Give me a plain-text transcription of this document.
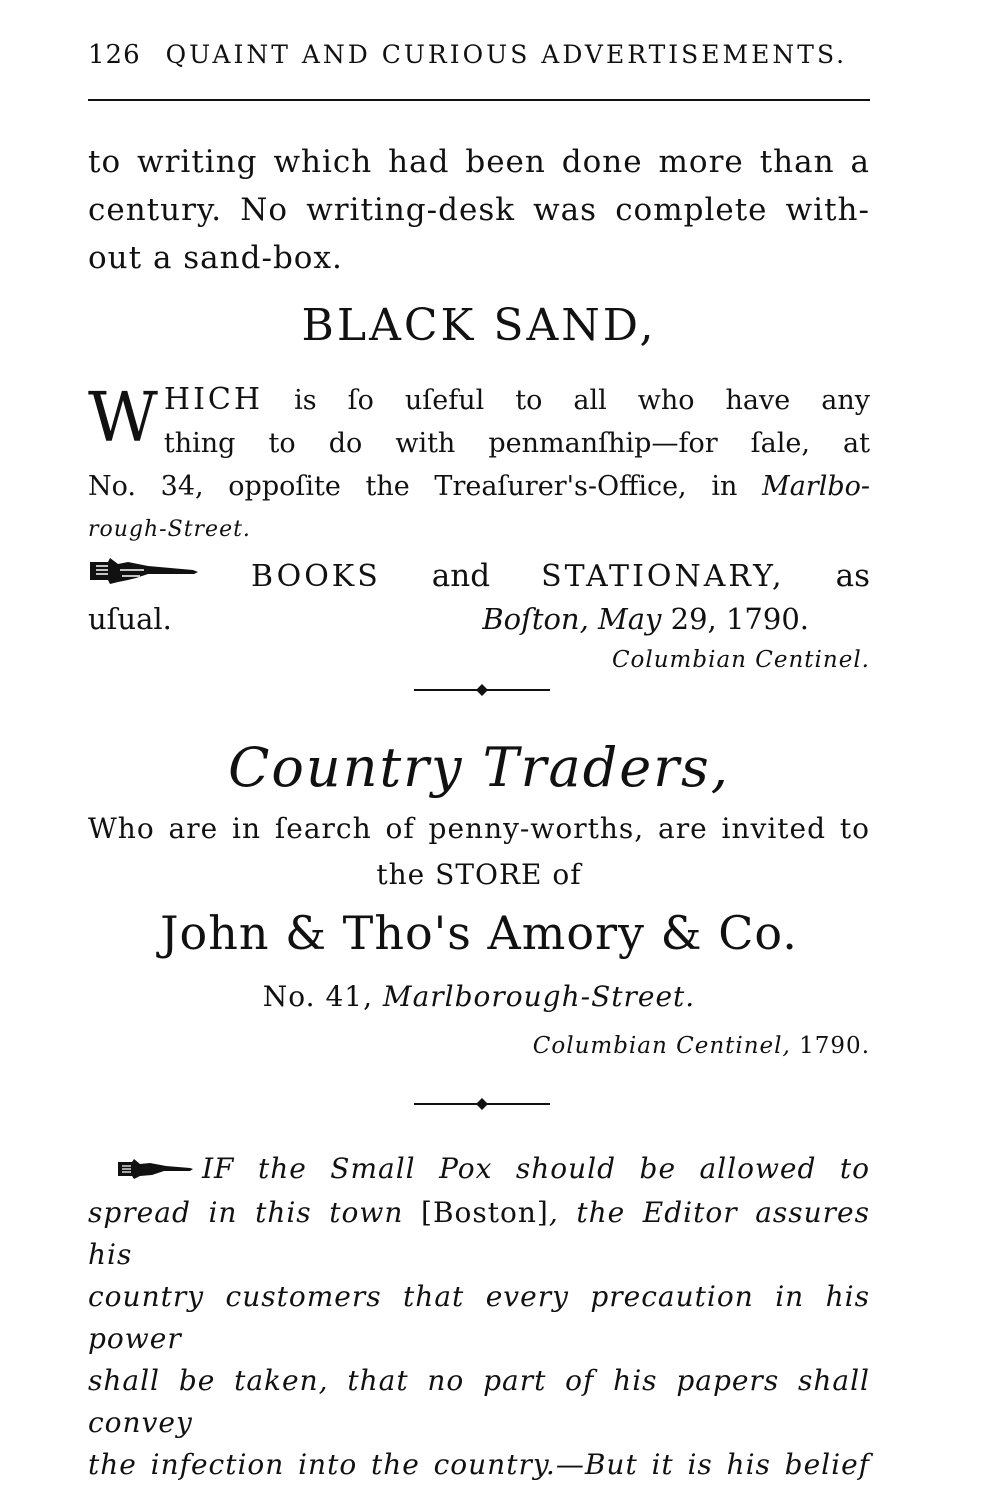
126 QUAINT AND CURIOUS ADVERTISEMENTS.

to writing which had been done more than a

century. No writing-desk was complete with-

out a sand-box.

BLACK SAND,
W HICH is ſo uſeful to all who have any
thing to do with penmanſhip—for ſale, at
No. 34, oppoſite the Treaſurer's-Office, in Marlbo-
rough-Street.
BOOKS and STATIONARY, as
uſual.	Boſton, May 29, 1790.
Columbian Centinel.
Country Traders,
Who are in ſearch of penny-worths, are invited to
the STORE of
John & Tho's Amory & Co.
No. 41, Marlborough-Street.
Columbian Centinel, 1790.
IF the Small Pox should be allowed to
spread in this town [Boston], the Editor assures his
country customers that every precaution in his power
shall be taken, that no part of his papers shall convey
the infection into the country.—But it is his belief
